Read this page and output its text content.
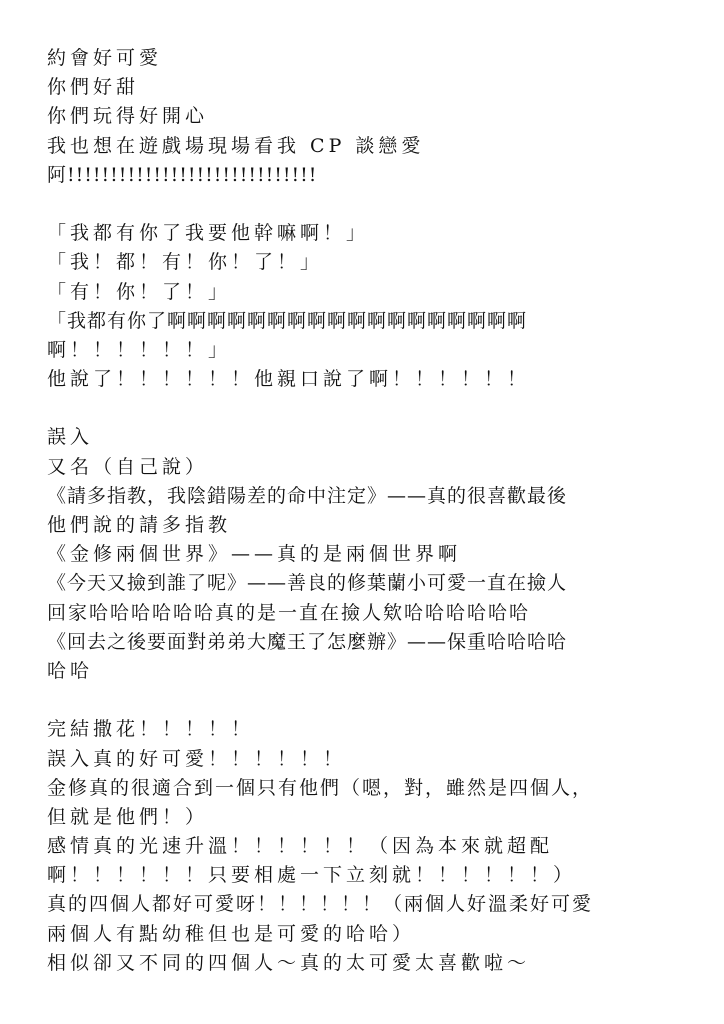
約會好可愛
你們好甜
你們玩得好開心
我也想在遊戲場現場看我 CP 談戀愛
阿!!!!!!!!!!!!!!!!!!!!!!!!!!!!!
「我都有你了我要他幹嘛啊！」
「我！都！有！你！了！」
「有！你！了！」
「我都有你了啊啊啊啊啊啊啊啊啊啊啊啊啊啊啊啊啊啊
啊！！！！！！」
他說了！！！！！！他親口說了啊！！！！！！
誤入
又名（自己說）
《請多指教，我陰錯陽差的命中注定》——真的很喜歡最後
他們說的請多指教
《金修兩個世界》——真的是兩個世界啊
《今天又撿到誰了呢》——善良的修葉蘭小可愛一直在撿人
回家哈哈哈哈哈哈真的是一直在撿人欸哈哈哈哈哈哈
《回去之後要面對弟弟大魔王了怎麼辦》——保重哈哈哈哈
哈哈
完結撒花！！！！！
誤入真的好可愛！！！！！！
金修真的很適合到一個只有他們（嗯，對，雖然是四個人，
但就是他們！）
感情真的光速升溫！！！！！！（因為本來就超配
啊！！！！！！只要相處一下立刻就！！！！！！）
真的四個人都好可愛呀！！！！！！（兩個人好溫柔好可愛
兩個人有點幼稚但也是可愛的哈哈）
相似卻又不同的四個人～真的太可愛太喜歡啦～
